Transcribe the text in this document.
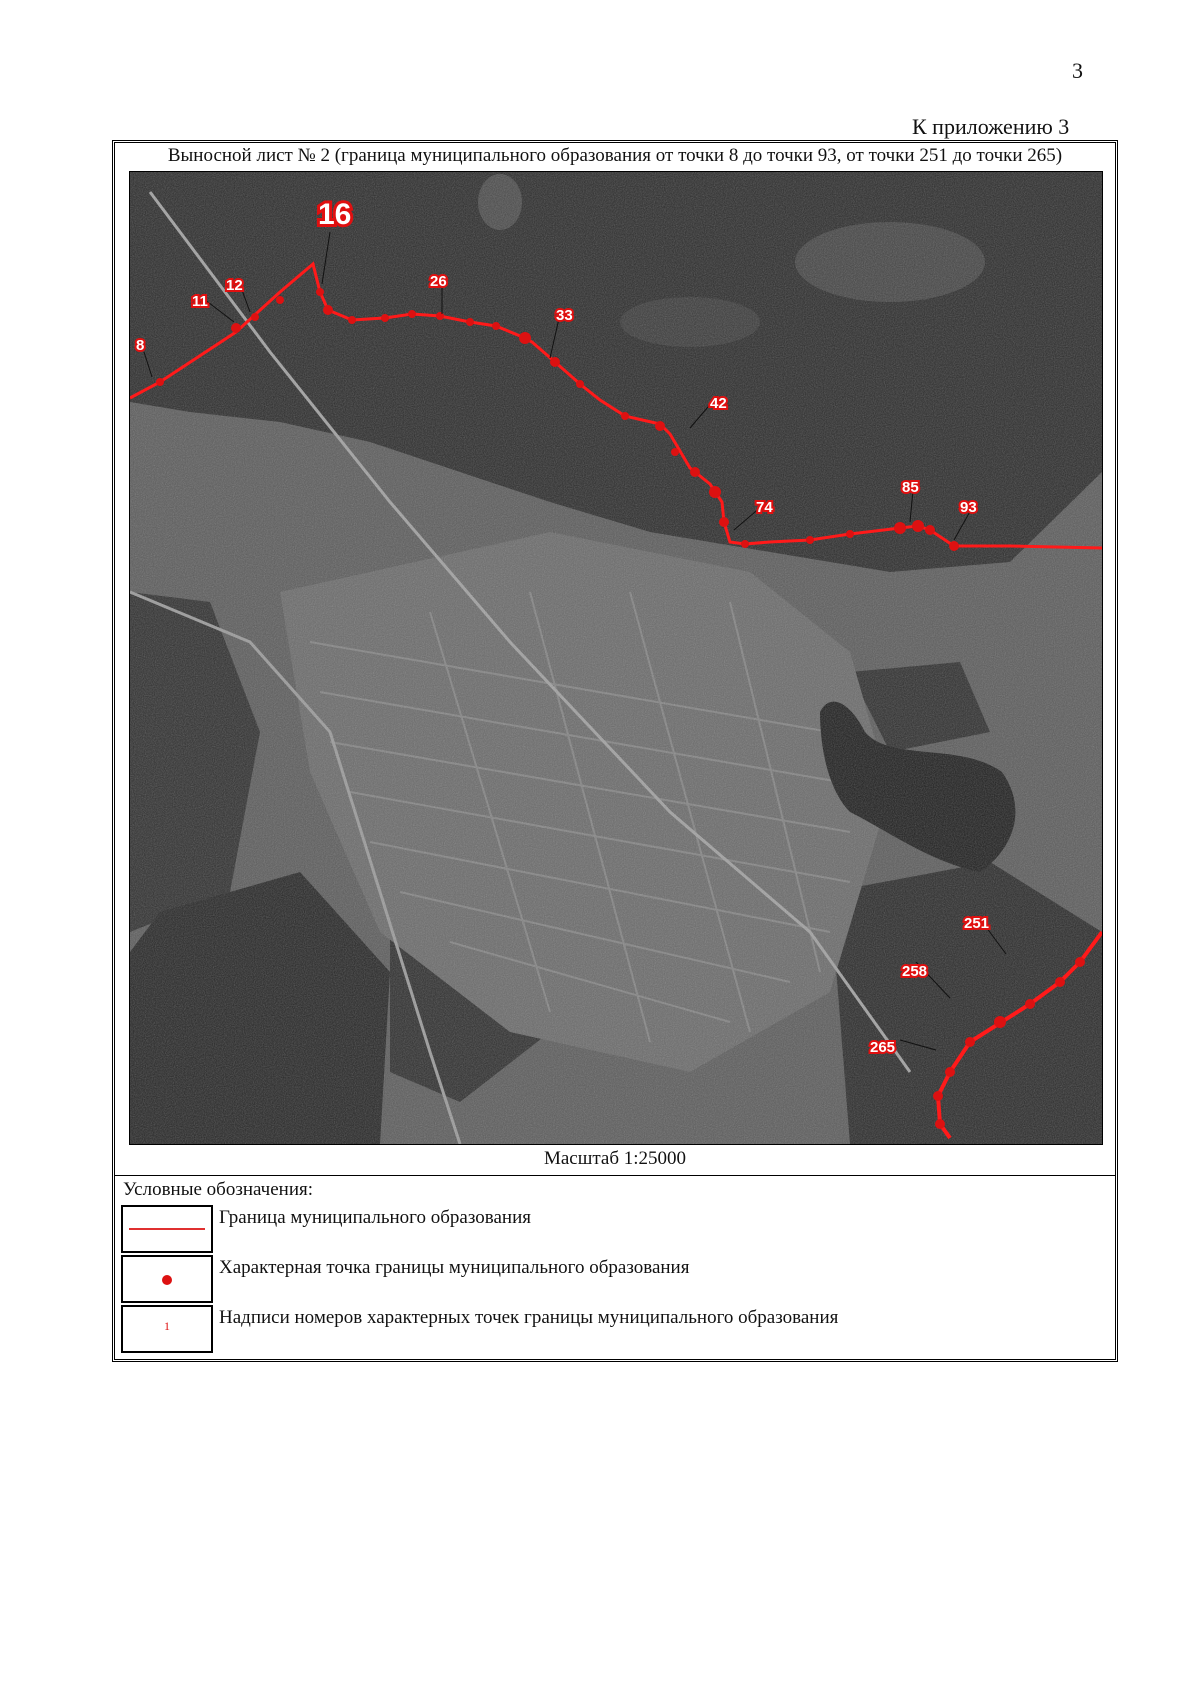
3
К приложению 3
Выносной лист № 2 (граница муниципального образования от точки 8 до точки 93, от точки 251 до точки 265)
8
11
12
16
26
33
42
74
85
93
251
258
265
Масштаб 1:25000
Условные обозначения:
Граница муниципального образования
Характерная точка границы муниципального образования
1	Надписи номеров характерных точек границы муниципального образования
